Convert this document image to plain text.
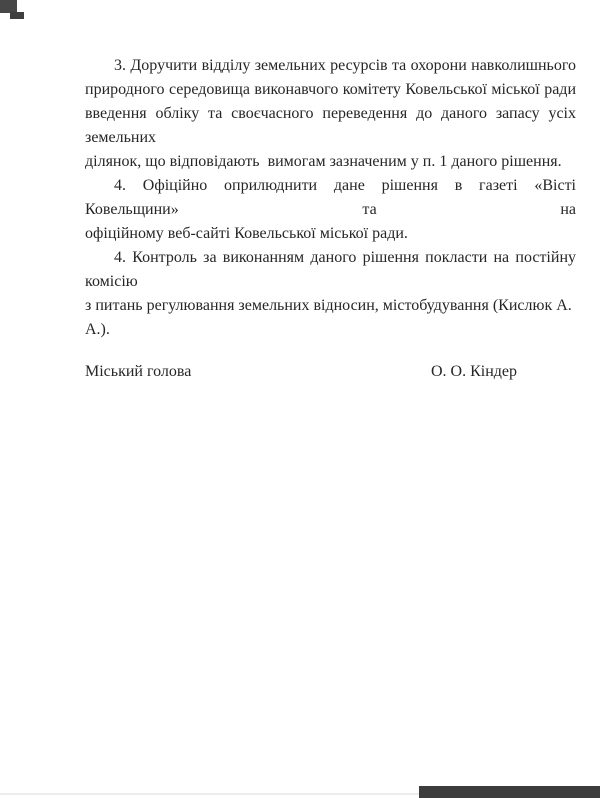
3. Доручити відділу земельних ресурсів та охорони навколишнього
природного середовища виконавчого комітету Ковельської міської ради
введення обліку та своєчасного переведення до даного запасу усіх земельних
ділянок, що відповідають  вимогам зазначеним у п. 1 даного рішення.
4. Офіційно оприлюднити дане рішення в газеті «Вісті Ковельщини» та на
офіційному веб-сайті Ковельської міської ради.
4. Контроль за виконанням даного рішення покласти на постійну комісію
з питань регулювання земельних відносин, містобудування (Кислюк А. А.).
Міський голова	О. О. Кіндер
